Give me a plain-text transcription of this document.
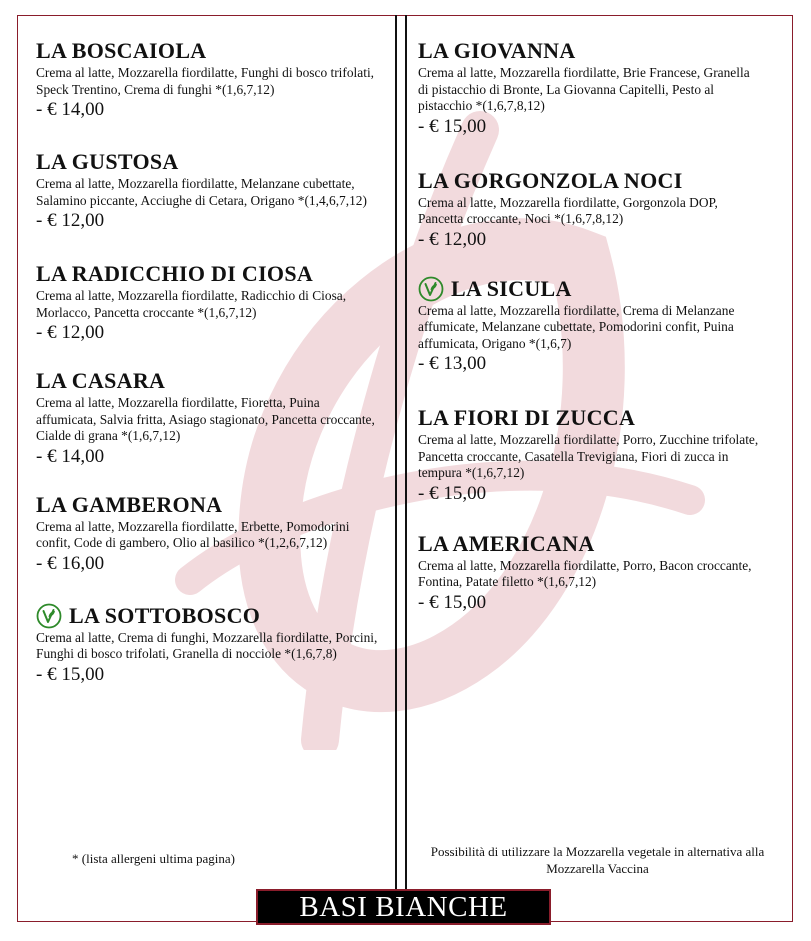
LA BOSCAIOLA
Crema al latte, Mozzarella fiordilatte, Funghi di bosco trifolati, Speck Trentino, Crema di funghi *(1,6,7,12)
- € 14,00
LA GUSTOSA
Crema al latte, Mozzarella fiordilatte, Melanzane cubettate, Salamino piccante, Acciughe di Cetara, Origano *(1,4,6,7,12)
- € 12,00
LA RADICCHIO DI CIOSA
Crema al latte, Mozzarella fiordilatte, Radicchio di Ciosa, Morlacco, Pancetta croccante *(1,6,7,12)
- € 12,00
LA CASARA
Crema al latte, Mozzarella fiordilatte, Fioretta, Puina affumicata, Salvia fritta, Asiago stagionato, Pancetta croccante, Cialde di grana *(1,6,7,12)
- € 14,00
LA GAMBERONA
Crema al latte, Mozzarella fiordilatte, Erbette, Pomodorini confit, Code di gambero, Olio al basilico *(1,2,6,7,12)
- € 16,00
LA SOTTOBOSCO
Crema al latte, Crema di funghi, Mozzarella fiordilatte, Porcini, Funghi di bosco trifolati, Granella di nocciole *(1,6,7,8)
- € 15,00
LA GIOVANNA
Crema al latte, Mozzarella fiordilatte, Brie Francese, Granella di pistacchio di Bronte, La Giovanna Capitelli, Pesto al pistacchio *(1,6,7,8,12)
- € 15,00
LA GORGONZOLA NOCI
Crema al latte, Mozzarella fiordilatte, Gorgonzola DOP, Pancetta croccante, Noci *(1,6,7,8,12)
- € 12,00
LA SICULA
Crema al latte, Mozzarella fiordilatte, Crema di Melanzane affumicate, Melanzane cubettate, Pomodorini confit, Puina affumicata, Origano *(1,6,7)
- € 13,00
LA FIORI DI ZUCCA
Crema al latte, Mozzarella fiordilatte, Porro, Zucchine trifolate, Pancetta croccante, Casatella Trevigiana, Fiori di zucca in tempura *(1,6,7,12)
- € 15,00
LA AMERICANA
Crema al latte, Mozzarella fiordilatte, Porro, Bacon croccante, Fontina, Patate filetto *(1,6,7,12)
- € 15,00
* (lista allergeni ultima pagina)	Possibilità di utilizzare la Mozzarella vegetale in alternativa alla Mozzarella Vaccina
BASI BIANCHE
